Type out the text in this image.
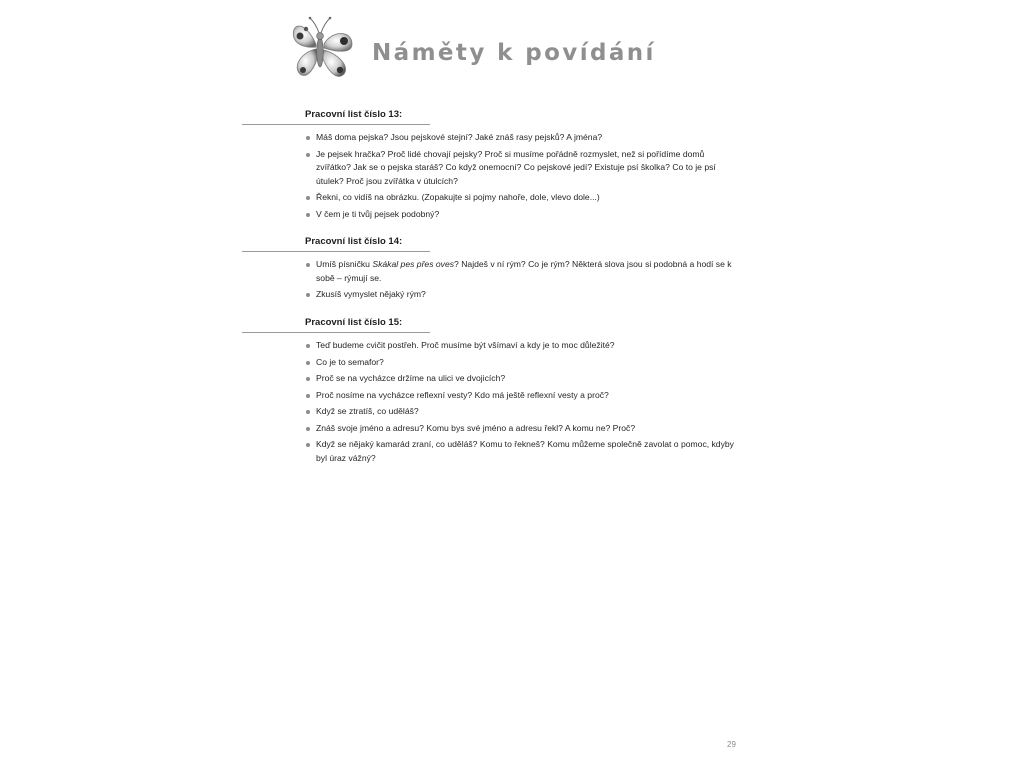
Náměty k povídání
Pracovní list číslo 13:
Máš doma pejska? Jsou pejskové stejní? Jaké znáš rasy pejsků? A jména?
Je pejsek hračka? Proč lidé chovají pejsky? Proč si musíme pořádně rozmyslet, než si pořídíme domů zvířátko? Jak se o pejska staráš? Co když onemocní? Co pejskové jedí? Existuje psí školka? Co to je psí útulek? Proč jsou zvířátka v útulcích?
Řekni, co vidíš na obrázku. (Zopakujte si pojmy nahoře, dole, vlevo dole...)
V čem je ti tvůj pejsek podobný?
Pracovní list číslo 14:
Umíš písničku Skákal pes přes oves? Najdeš v ní rým? Co je rým? Některá slova jsou si podobná a hodí se k sobě – rýmují se.
Zkusíš vymyslet nějaký rým?
Pracovní list číslo 15:
Teď budeme cvičit postřeh. Proč musíme být všímaví a kdy je to moc důležité?
Co je to semafor?
Proč se na vycházce držíme na ulici ve dvojicích?
Proč nosíme na vycházce reflexní vesty? Kdo má ještě reflexní vesty a proč?
Když se ztratíš, co uděláš?
Znáš svoje jméno a adresu? Komu bys své jméno a adresu řekl? A komu ne? Proč?
Když se nějaký kamarád zraní, co uděláš? Komu to řekneš? Komu můžeme společně zavolat o pomoc, kdyby byl úraz vážný?
29
